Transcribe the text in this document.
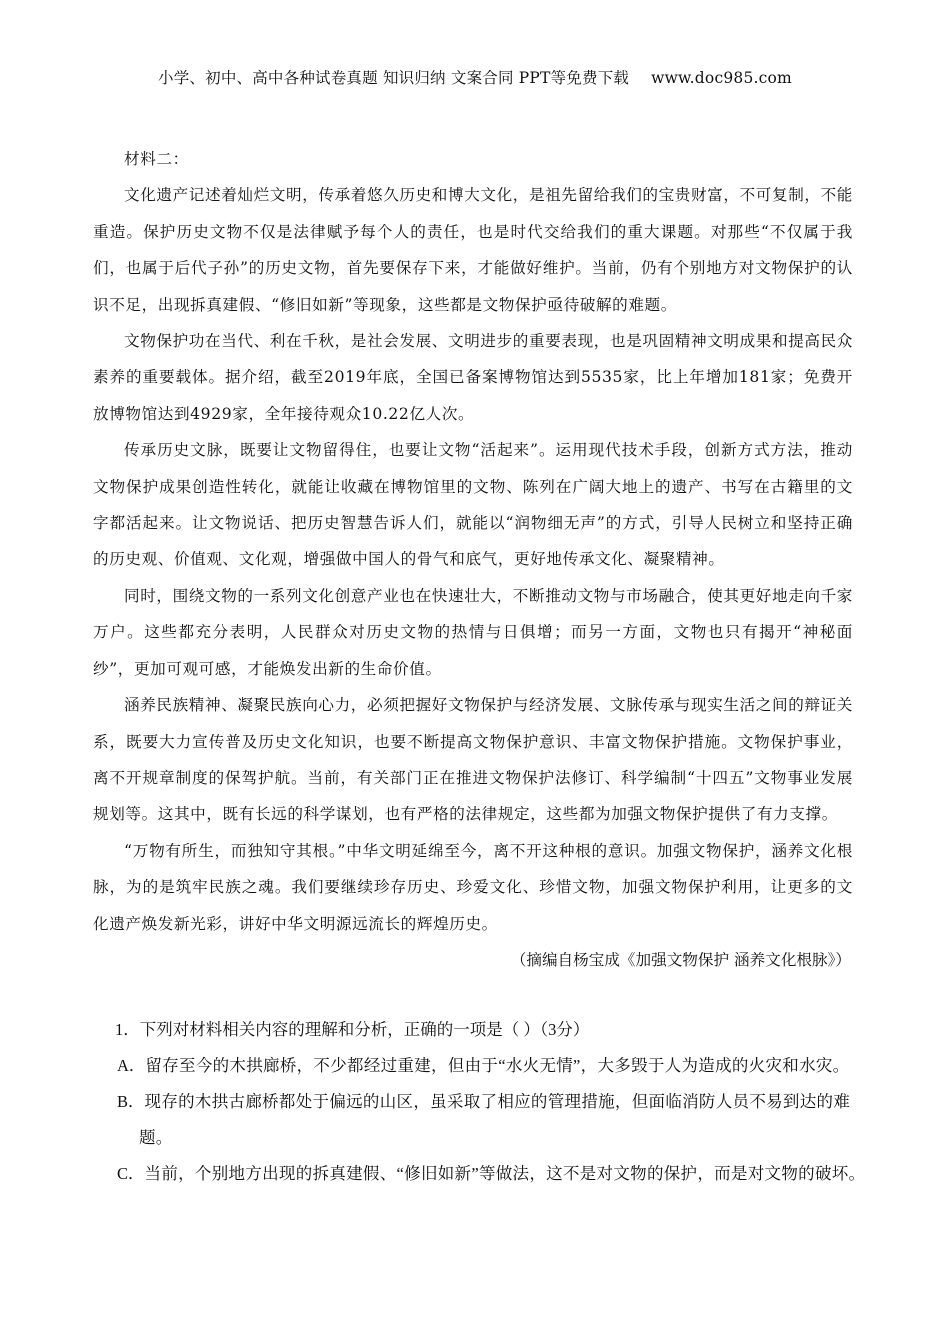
小学、初中、高中各种试卷真题 知识归纳 文案合同 PPT等免费下载 www.doc985.com

材料二：

文化遗产记述着灿烂文明，传承着悠久历史和博大文化，是祖先留给我们的宝贵财富，不可复制，不能重造。保护历史文物不仅是法律赋予每个人的责任，也是时代交给我们的重大课题。对那些“不仅属于我们，也属于后代子孙”的历史文物，首先要保存下来，才能做好维护。当前，仍有个别地方对文物保护的认识不足，出现拆真建假、“修旧如新”等现象，这些都是文物保护亟待破解的难题。

文物保护功在当代、利在千秋，是社会发展、文明进步的重要表现，也是巩固精神文明成果和提高民众素养的重要载体。据介绍，截至2019年底，全国已备案博物馆达到5535家，比上年增加181家；免费开放博物馆达到4929家，全年接待观众10.22亿人次。

传承历史文脉，既要让文物留得住，也要让文物“活起来”。运用现代技术手段，创新方式方法，推动文物保护成果创造性转化，就能让收藏在博物馆里的文物、陈列在广阔大地上的遗产、书写在古籍里的文字都活起来。让文物说话、把历史智慧告诉人们，就能以“润物细无声”的方式，引导人民树立和坚持正确的历史观、价值观、文化观，增强做中国人的骨气和底气，更好地传承文化、凝聚精神。

同时，围绕文物的一系列文化创意产业也在快速壮大，不断推动文物与市场融合，使其更好地走向千家万户。这些都充分表明，人民群众对历史文物的热情与日俱增；而另一方面，文物也只有揭开“神秘面纱”，更加可观可感，才能焕发出新的生命价值。

涵养民族精神、凝聚民族向心力，必须把握好文物保护与经济发展、文脉传承与现实生活之间的辩证关系，既要大力宣传普及历史文化知识，也要不断提高文物保护意识、丰富文物保护措施。文物保护事业，离不开规章制度的保驾护航。当前，有关部门正在推进文物保护法修订、科学编制“十四五”文物事业发展规划等。这其中，既有长远的科学谋划，也有严格的法律规定，这些都为加强文物保护提供了有力支撑。

“万物有所生，而独知守其根。”中华文明延绵至今，离不开这种根的意识。加强文物保护，涵养文化根脉，为的是筑牢民族之魂。我们要继续珍存历史、珍爱文化、珍惜文物，加强文物保护利用，让更多的文化遗产焕发新光彩，讲好中华文明源远流长的辉煌历史。

（摘编自杨宝成《加强文物保护 涵养文化根脉》）

1．下列对材料相关内容的理解和分析，正确的一项是（ ）（3分）

A．留存至今的木拱廊桥，不少都经过重建，但由于“水火无情”，大多毁于人为造成的火灾和水灾。

B．现存的木拱古廊桥都处于偏远的山区，虽采取了相应的管理措施，但面临消防人员不易到达的难题。

C．当前，个别地方出现的拆真建假、“修旧如新”等做法，这不是对文物的保护，而是对文物的破坏。
